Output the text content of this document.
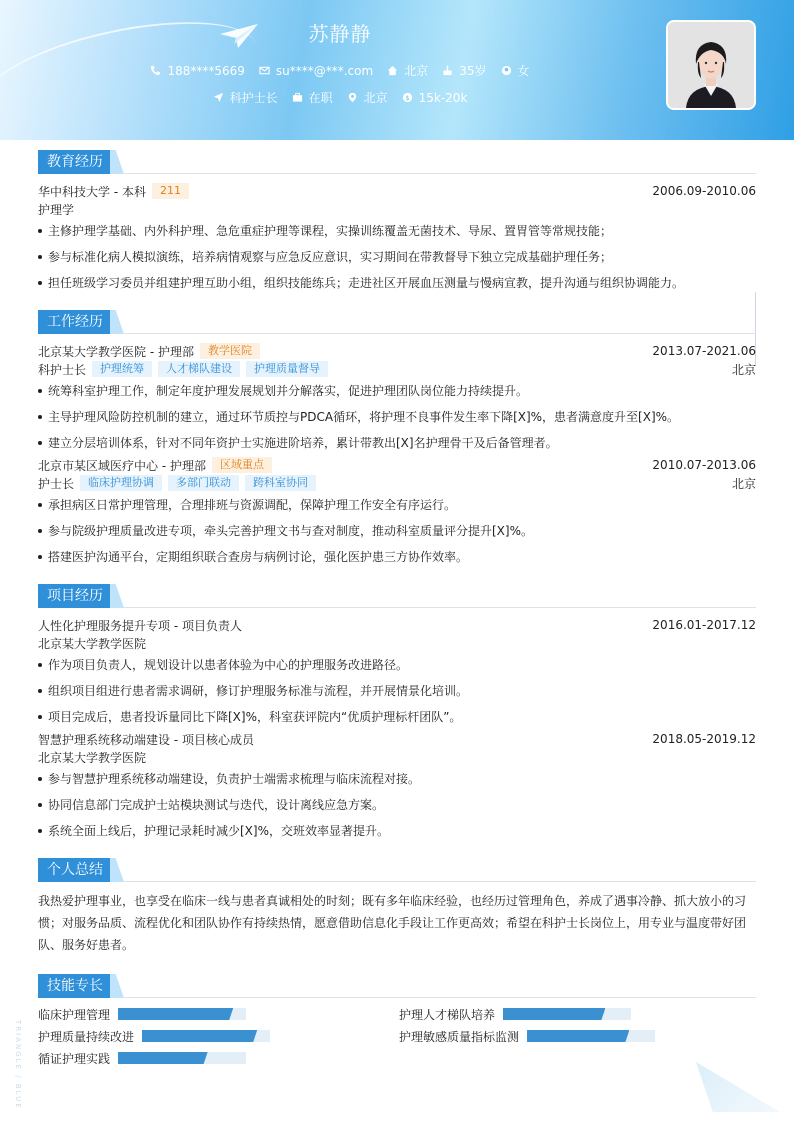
苏静静
188****5669	su****@***.com	北京	35岁	女
科护士长	在职	北京 $ 15k-20k
教育经历
华中科技大学 - 本科	211	2006.09-2010.06
护理学
主修护理学基础、内外科护理、急危重症护理等课程，实操训练覆盖无菌技术、导尿、置胃管等常规技能；
参与标准化病人模拟演练，培养病情观察与应急反应意识，实习期间在带教督导下独立完成基础护理任务；
担任班级学习委员并组建护理互助小组，组织技能练兵；走进社区开展血压测量与慢病宣教，提升沟通与组织协调能力。
工作经历
北京某大学教学医院 - 护理部	教学医院	2013.07-2021.06
科护士长	护理统筹	人才梯队建设	护理质量督导	北京
统筹科室护理工作，制定年度护理发展规划并分解落实，促进护理团队岗位能力持续提升。
主导护理风险防控机制的建立，通过环节质控与PDCA循环，将护理不良事件发生率下降[X]%，患者满意度升至[X]%。
建立分层培训体系，针对不同年资护士实施进阶培养，累计带教出[X]名护理骨干及后备管理者。
北京市某区域医疗中心 - 护理部	区域重点	2010.07-2013.06
护士长	临床护理协调	多部门联动	跨科室协同	北京
承担病区日常护理管理，合理排班与资源调配，保障护理工作安全有序运行。
参与院级护理质量改进专项，牵头完善护理文书与查对制度，推动科室质量评分提升[X]%。
搭建医护沟通平台，定期组织联合查房与病例讨论，强化医护患三方协作效率。
项目经历
人性化护理服务提升专项 - 项目负责人	2016.01-2017.12
北京某大学教学医院
作为项目负责人，规划设计以患者体验为中心的护理服务改进路径。
组织项目组进行患者需求调研，修订护理服务标准与流程，并开展情景化培训。
项目完成后，患者投诉量同比下降[X]%，科室获评院内“优质护理标杆团队”。
智慧护理系统移动端建设 - 项目核心成员	2018.05-2019.12
北京某大学教学医院
参与智慧护理系统移动端建设，负责护士端需求梳理与临床流程对接。
协同信息部门完成护士站模块测试与迭代，设计离线应急方案。
系统全面上线后，护理记录耗时减少[X]%，交班效率显著提升。
个人总结

我热爱护理事业，也享受在临床一线与患者真诚相处的时刻；既有多年临床经验，也经历过管理角色，养成了遇事冷静、抓大放小的习惯；对服务品质、流程优化和团队协作有持续热情，愿意借助信息化手段让工作更高效；希望在科护士长岗位上，用专业与温度带好团队、服务好患者。

技能专长
临床护理管理	护理人才梯队培养
护理质量持续改进	护理敏感质量指标监测
循证护理实践
TRIANGLE / BLUE
